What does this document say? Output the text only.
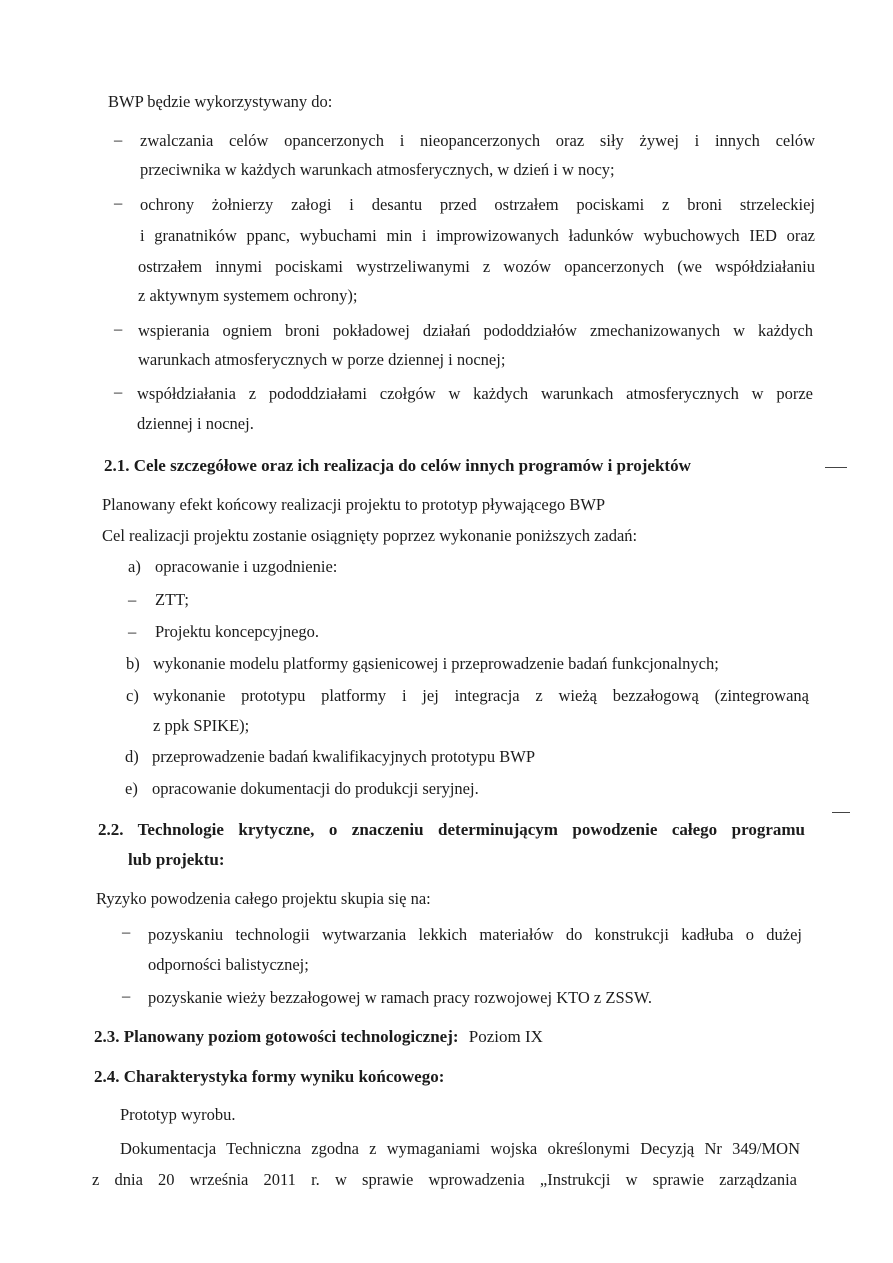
BWP będzie wykorzystywany do:
– zwalczania celów opancerzonych i nieopancerzonych oraz siły żywej i innych celów
przeciwnika w każdych warunkach atmosferycznych, w dzień i w nocy;
– ochrony żołnierzy załogi i desantu przed ostrzałem pociskami z broni strzeleckiej
i granatników ppanc, wybuchami min i improwizowanych ładunków wybuchowych IED oraz
ostrzałem innymi pociskami wystrzeliwanymi z wozów opancerzonych (we współdziałaniu
z aktywnym systemem ochrony);
– wspierania ogniem broni pokładowej działań pododdziałów zmechanizowanych w każdych
warunkach atmosferycznych w porze dziennej i nocnej;
– współdziałania z pododdziałami czołgów w każdych warunkach atmosferycznych w porze
dziennej i nocnej.
2.1. Cele szczegółowe oraz ich realizacja do celów innych programów i projektów
Planowany efekt końcowy realizacji projektu to prototyp pływającego BWP
Cel realizacji projektu zostanie osiągnięty poprzez wykonanie poniższych zadań:
a) opracowanie i uzgodnienie:
– ZTT;
– Projektu koncepcyjnego.
b) wykonanie modelu platformy gąsienicowej i przeprowadzenie badań funkcjonalnych;
c) wykonanie prototypu platformy i jej integracja z wieżą bezzałogową (zintegrowaną
z ppk SPIKE);
d) przeprowadzenie badań kwalifikacyjnych prototypu BWP
e) opracowanie dokumentacji do produkcji seryjnej.
2.2. Technologie krytyczne, o znaczeniu determinującym powodzenie całego programu
lub projektu:
Ryzyko powodzenia całego projektu skupia się na:
– pozyskaniu technologii wytwarzania lekkich materiałów do konstrukcji kadłuba o dużej
odporności balistycznej;
– pozyskanie wieży bezzałogowej w ramach pracy rozwojowej KTO z ZSSW.
2.3. Planowany poziom gotowości technologicznej: Poziom IX
2.4. Charakterystyka formy wyniku końcowego:
Prototyp wyrobu.
Dokumentacja Techniczna zgodna z wymaganiami wojska określonymi Decyzją Nr 349/MON
z dnia 20 września 2011 r. w sprawie wprowadzenia „Instrukcji w sprawie zarządzania
